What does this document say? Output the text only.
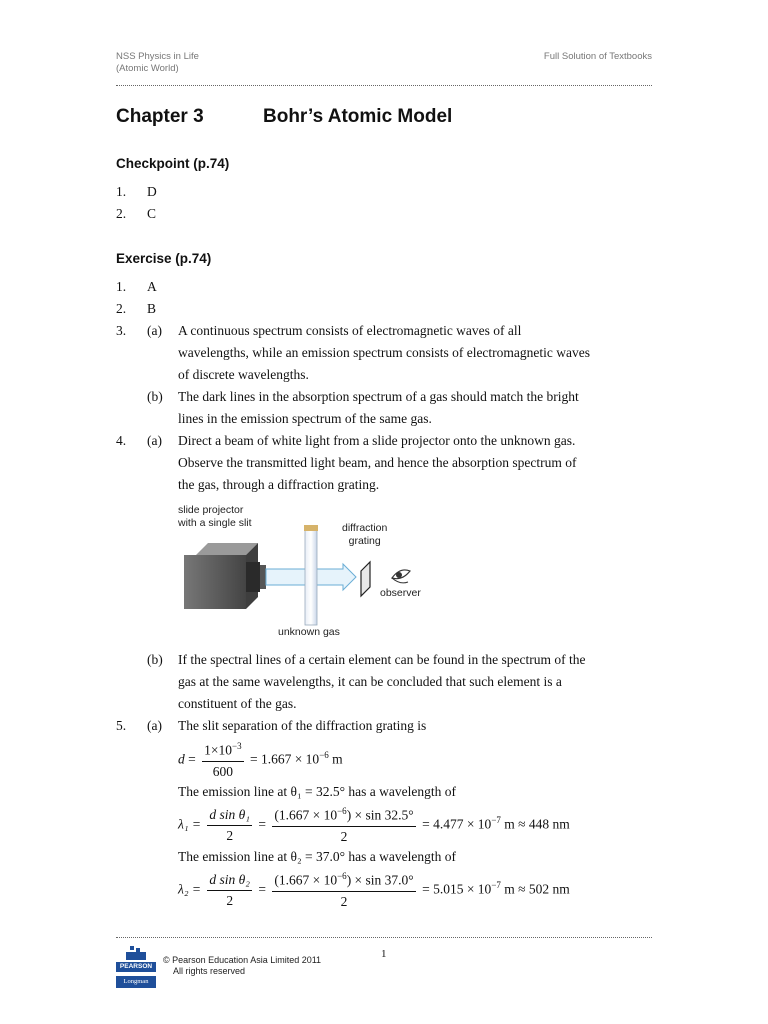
NSS Physics in Life
(Atomic World)
Full Solution of Textbooks
Chapter 3	Bohr’s Atomic Model
Checkpoint (p.74)
1. D
2. C
Exercise (p.74)
1. A
2. B
3. (a) A continuous spectrum consists of electromagnetic waves of all
wavelengths, while an emission spectrum consists of electromagnetic waves
of discrete wavelengths.
(b) The dark lines in the absorption spectrum of a gas should match the bright
lines in the emission spectrum of the same gas.
4. (a) Direct a beam of white light from a slide projector onto the unknown gas.
Observe the transmitted light beam, and hence the absorption spectrum of
the gas, through a diffraction grating.
slide projector
with a single slit	diffraction
grating
observer
unknown gas
(b) If the spectral lines of a certain element can be found in the spectrum of the
gas at the same wavelengths, it can be concluded that such element is a
constituent of the gas.
5. (a) The slit separation of the diffraction grating is
$d = \frac{1\times 10^{-3}}{600} = 1.667 \times 10^{-6}$ m
The emission line at θ₁ = 32.5° has a wavelength of
$\lambda_1 = \frac{\text{d sin θ₁}}{2} = \frac{(1.667 \times 10^{-6}) \times \sin 32.5^\circ}{2} = 4.477 \times 10^{-7}$ m ≈ 448 nm
The emission line at θ₂ = 37.0° has a wavelength of
$\lambda_2 = \frac{\text{d sin θ₂}}{2} = \frac{(1.667 \times 10^{-6}) \times \sin 37.0^\circ}{2} = 5.015 \times 10^{-7}$ m ≈ 502 nm
PEARSON
Longman
1
© Pearson Education Asia Limited 2011
All rights reserved
